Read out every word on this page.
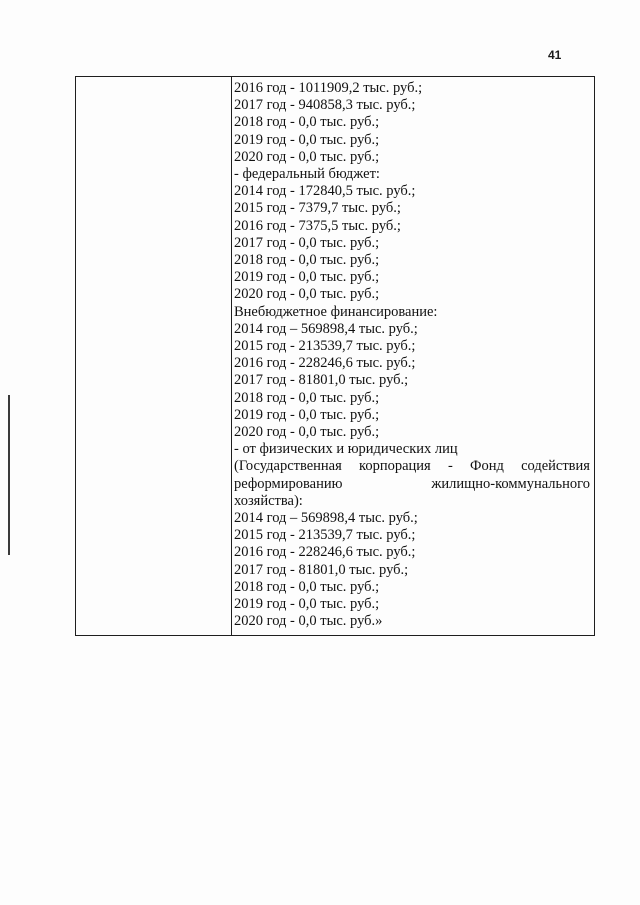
41
2016 год - 1011909,2 тыс. руб.;
2017 год - 940858,3 тыс. руб.;
2018 год - 0,0 тыс. руб.;
2019 год - 0,0 тыс. руб.;
2020 год - 0,0 тыс. руб.;
- федеральный бюджет:
2014 год - 172840,5 тыс. руб.;
2015 год - 7379,7 тыс. руб.;
2016 год - 7375,5 тыс. руб.;
2017 год - 0,0 тыс. руб.;
2018 год - 0,0 тыс. руб.;
2019 год - 0,0 тыс. руб.;
2020 год - 0,0 тыс. руб.;
Внебюджетное финансирование:
2014 год – 569898,4 тыс. руб.;
2015 год - 213539,7 тыс. руб.;
2016 год - 228246,6 тыс. руб.;
2017 год - 81801,0 тыс. руб.;
2018 год - 0,0 тыс. руб.;
2019 год - 0,0 тыс. руб.;
2020 год - 0,0 тыс. руб.;
- от физических и юридических лиц
(Государственная корпорация - Фонд содействия
реформированию	жилищно-коммунального
хозяйства):
2014 год – 569898,4 тыс. руб.;
2015 год - 213539,7 тыс. руб.;
2016 год - 228246,6 тыс. руб.;
2017 год - 81801,0 тыс. руб.;
2018 год - 0,0 тыс. руб.;
2019 год - 0,0 тыс. руб.;
2020 год - 0,0 тыс. руб.»
